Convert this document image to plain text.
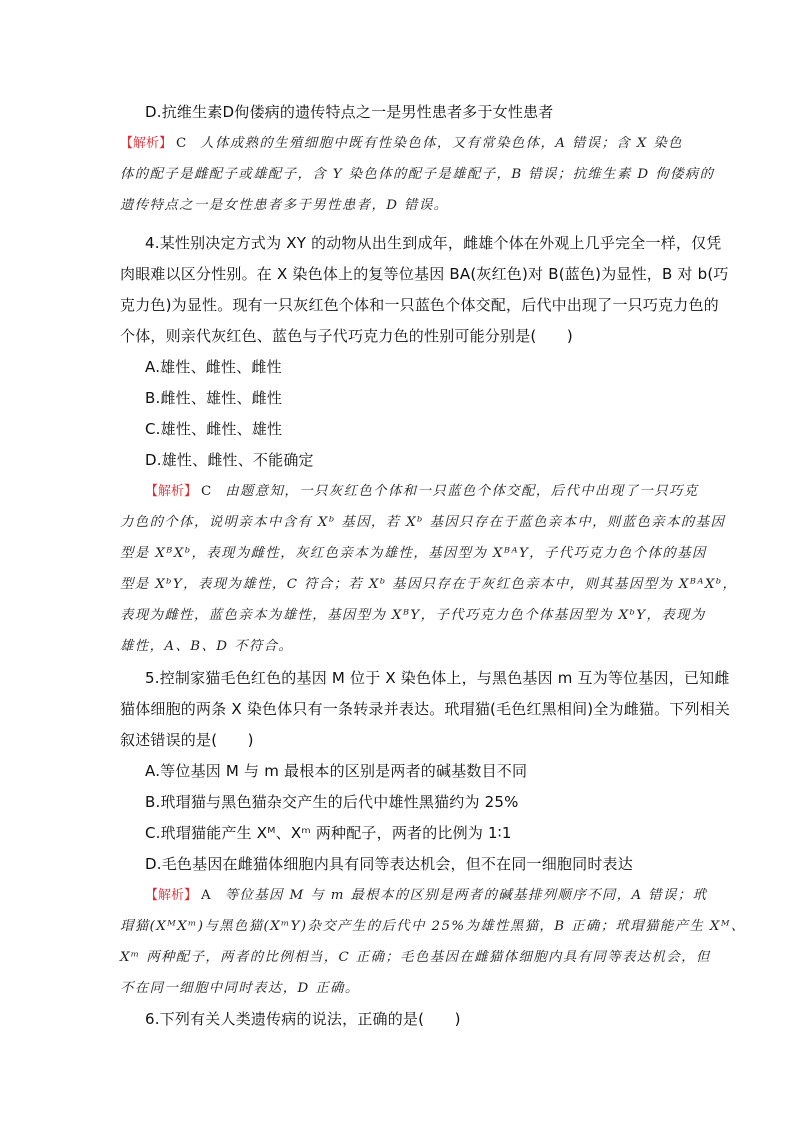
D.抗维生素D佝偻病的遗传特点之一是男性患者多于女性患者
【解析】 C 人体成熟的生殖细胞中既有性染色体，又有常染色体，A 错误；含 X 染色
体的配子是雌配子或雄配子，含 Y 染色体的配子是雄配子，B 错误；抗维生素 D 佝偻病的
遗传特点之一是女性患者多于男性患者，D 错误。
4.某性别决定方式为 XY 的动物从出生到成年，雌雄个体在外观上几乎完全一样，仅凭
肉眼难以区分性别。在 X 染色体上的复等位基因 BA(灰红色)对 B(蓝色)为显性，B 对 b(巧
克力色)为显性。现有一只灰红色个体和一只蓝色个体交配，后代中出现了一只巧克力色的
个体，则亲代灰红色、蓝色与子代巧克力色的性别可能分别是(　　)
A.雄性、雌性、雌性
B.雌性、雄性、雌性
C.雄性、雌性、雄性
D.雄性、雌性、不能确定
【解析】 C 由题意知，一只灰红色个体和一只蓝色个体交配，后代中出现了一只巧克
力色的个体，说明亲本中含有 Xᵇ 基因，若 Xᵇ 基因只存在于蓝色亲本中，则蓝色亲本的基因
型是 XᴮXᵇ，表现为雌性，灰红色亲本为雄性，基因型为 XᴮᴬY，子代巧克力色个体的基因
型是 XᵇY，表现为雄性，C 符合；若 Xᵇ 基因只存在于灰红色亲本中，则其基因型为 XᴮᴬXᵇ，
表现为雌性，蓝色亲本为雄性，基因型为 XᴮY，子代巧克力色个体基因型为 XᵇY，表现为
雄性，A、B、D 不符合。
5.控制家猫毛色红色的基因 M 位于 X 染色体上，与黑色基因 m 互为等位基因，已知雌
猫体细胞的两条 X 染色体只有一条转录并表达。玳瑁猫(毛色红黑相间)全为雌猫。下列相关
叙述错误的是(　　)
A.等位基因 M 与 m 最根本的区别是两者的碱基数目不同
B.玳瑁猫与黑色猫杂交产生的后代中雄性黑猫约为 25%
C.玳瑁猫能产生 Xᴹ、Xᵐ 两种配子，两者的比例为 1∶1
D.毛色基因在雌猫体细胞内具有同等表达机会，但不在同一细胞同时表达
【解析】 A 等位基因 M 与 m 最根本的区别是两者的碱基排列顺序不同，A 错误；玳
瑁猫(XᴹXᵐ)与黑色猫(XᵐY)杂交产生的后代中 25%为雄性黑猫，B 正确；玳瑁猫能产生 Xᴹ、
Xᵐ 两种配子，两者的比例相当，C 正确；毛色基因在雌猫体细胞内具有同等表达机会，但
不在同一细胞中同时表达，D 正确。
6.下列有关人类遗传病的说法，正确的是(　　)
